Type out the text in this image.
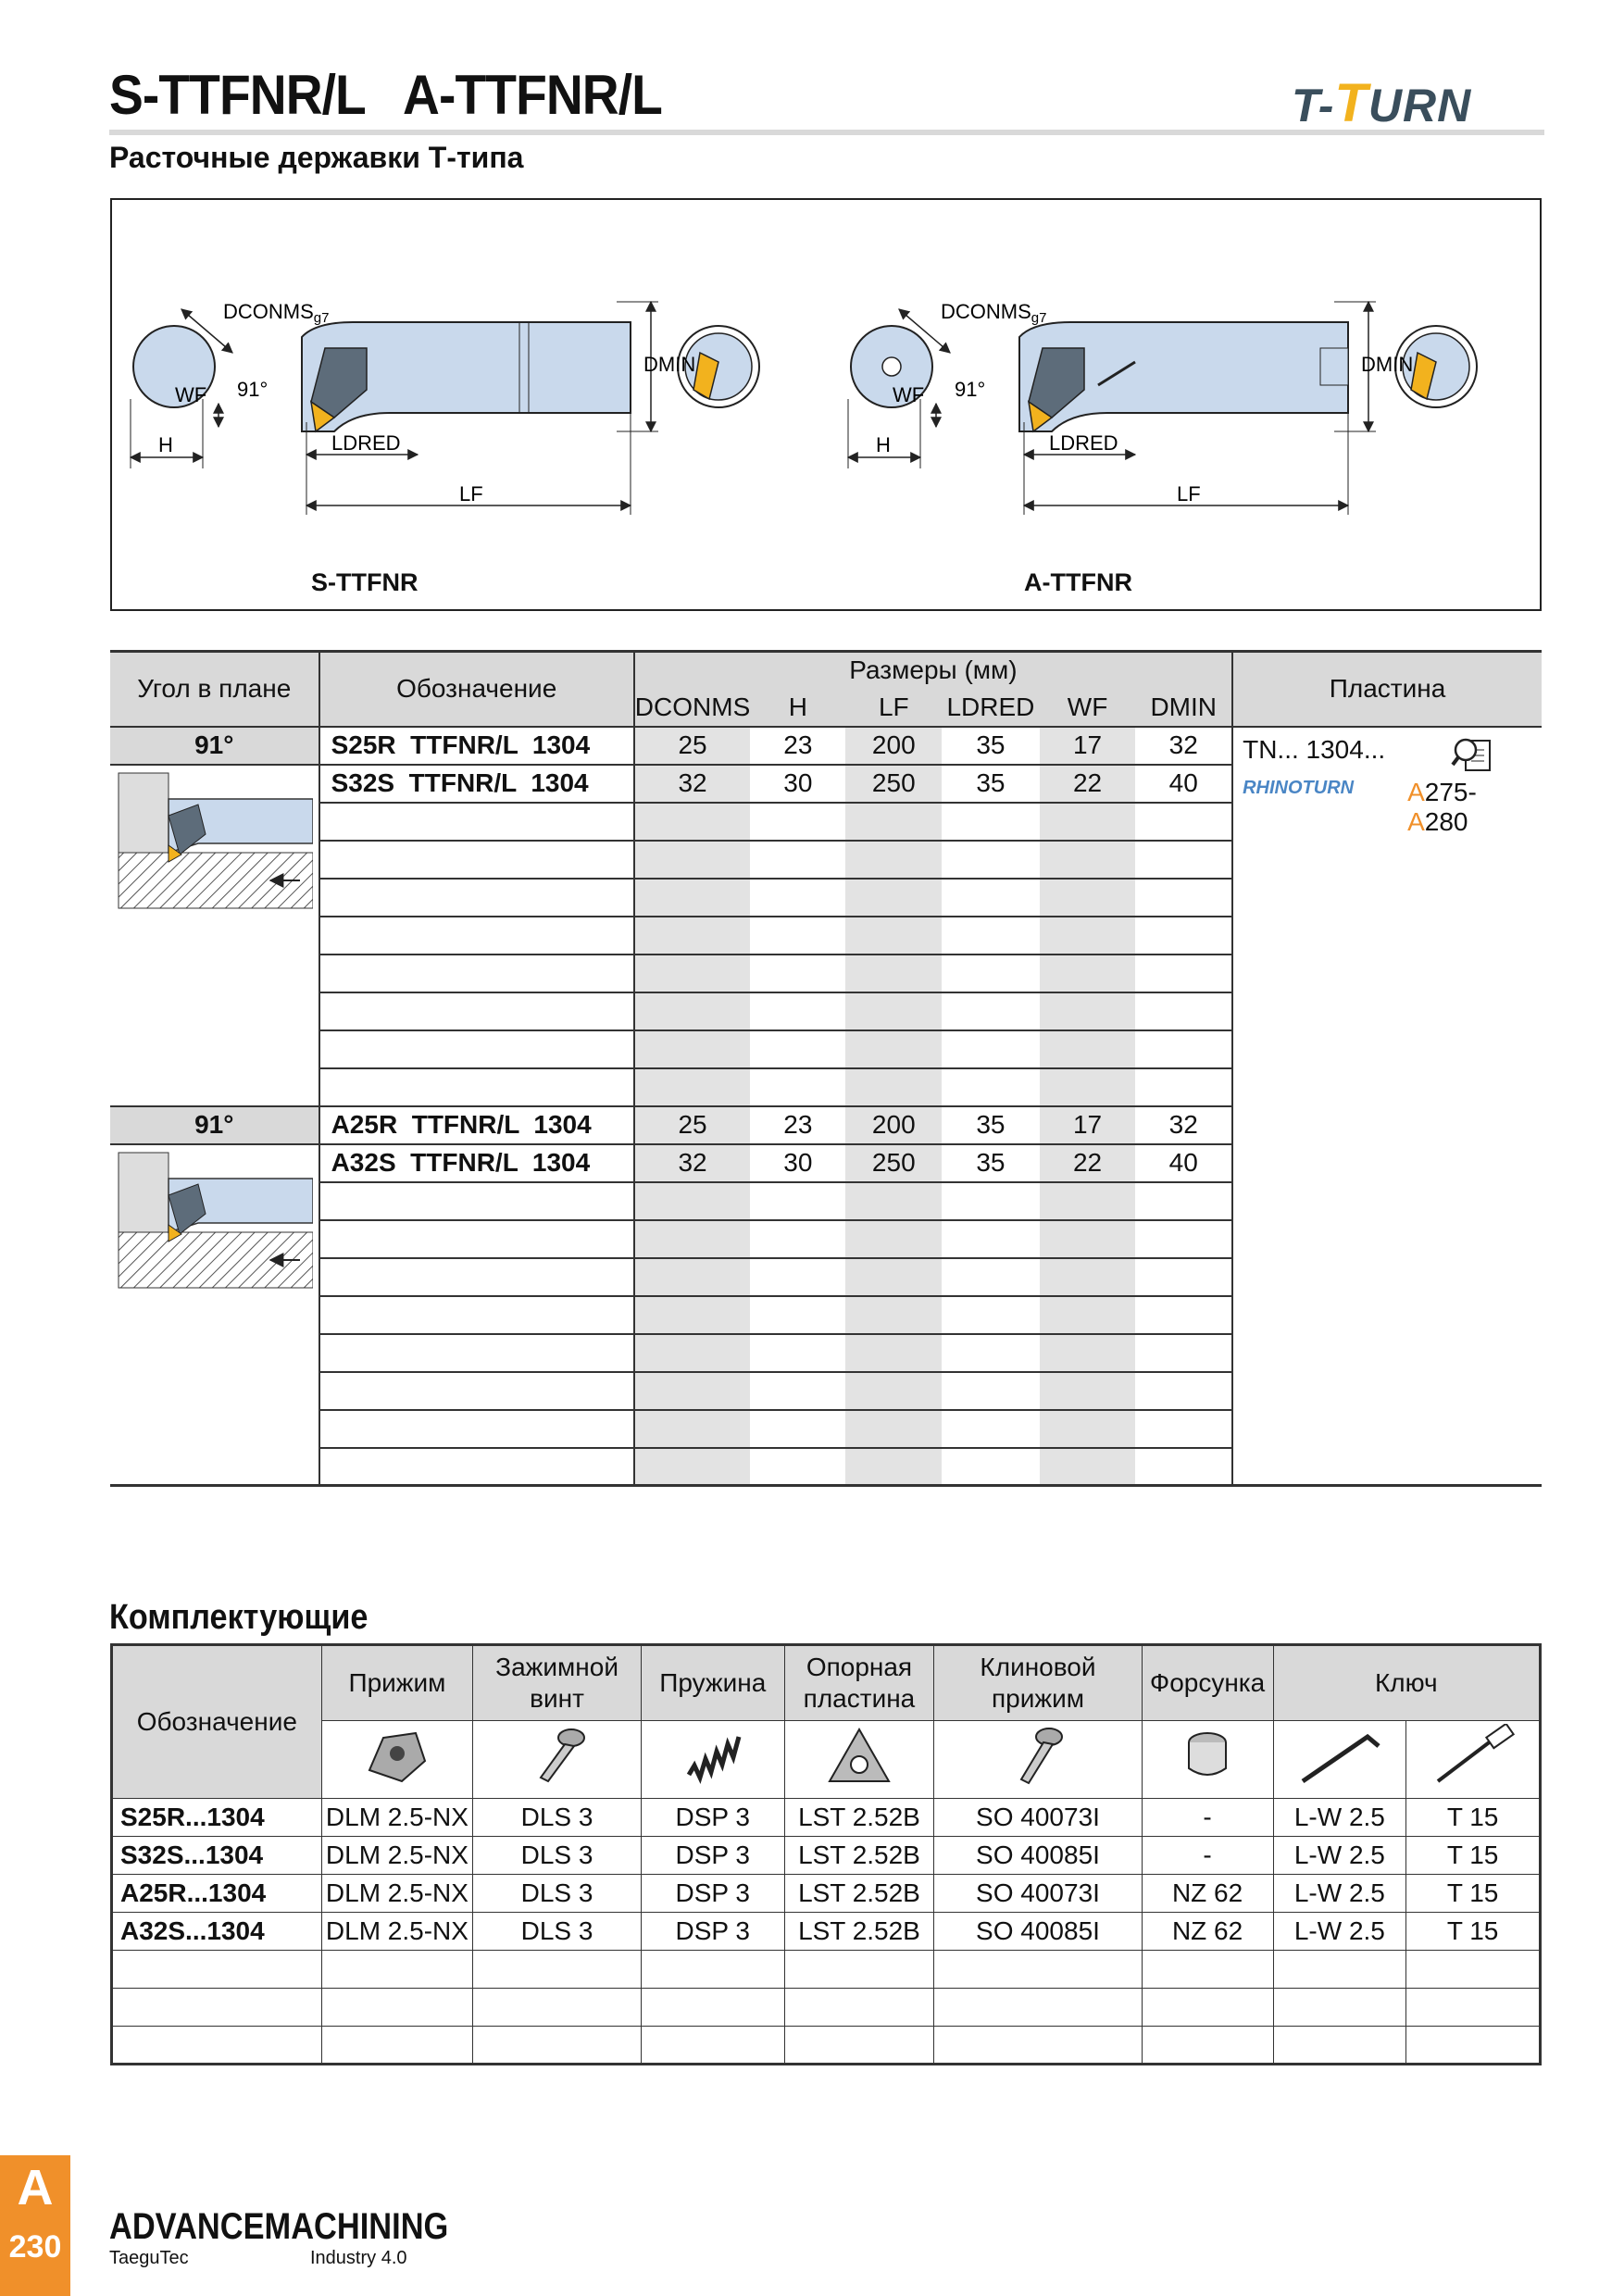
S-TTFNR/L   A-TTFNR/L	T-TURN
Расточные державки Т-типа
DCONMSg7
WF 91°
H	LDRED
LF
DMIN
DCONMSg7
WF 91°
H	LDRED
LF
DMIN
S-TTFNR	A-TTFNR
Угол в плане	Обозначение	Размеры (мм)						Пластина
		DCONMS	H	LF	LDRED	WF	DMIN	
91°	S25R  TTFNR/L  1304	25	23	200	35	17	32	TN... 1304...
RHINOTURN A275-A280

	S32S  TTFNR/L  1304	32	30	250	35	22	40	

91°	A25R  TTFNR/L  1304	25	23	200	35	17	32	
	A32S  TTFNR/L  1304	32	30	250	35	22	40	

Комплектующие
Обозначение	Прижим	Зажимной винт	Пружина	Опорная пластина	Клиновой прижим	Форсунка	Ключ	

S25R...1304	DLM 2.5-NX	DLS 3	DSP 3	LST 2.52B	SO 40073I	-	L-W 2.5	T 15
S32S...1304	DLM 2.5-NX	DLS 3	DSP 3	LST 2.52B	SO 40085I	-	L-W 2.5	T 15
A25R...1304	DLM 2.5-NX	DLS 3	DSP 3	LST 2.52B	SO 40073I	NZ 62	L-W 2.5	T 15
A32S...1304	DLM 2.5-NX	DLS 3	DSP 3	LST 2.52B	SO 40085I	NZ 62	L-W 2.5	T 15

A
230 ADVANCEMACHINING
TaeguTec	Industry 4.0
